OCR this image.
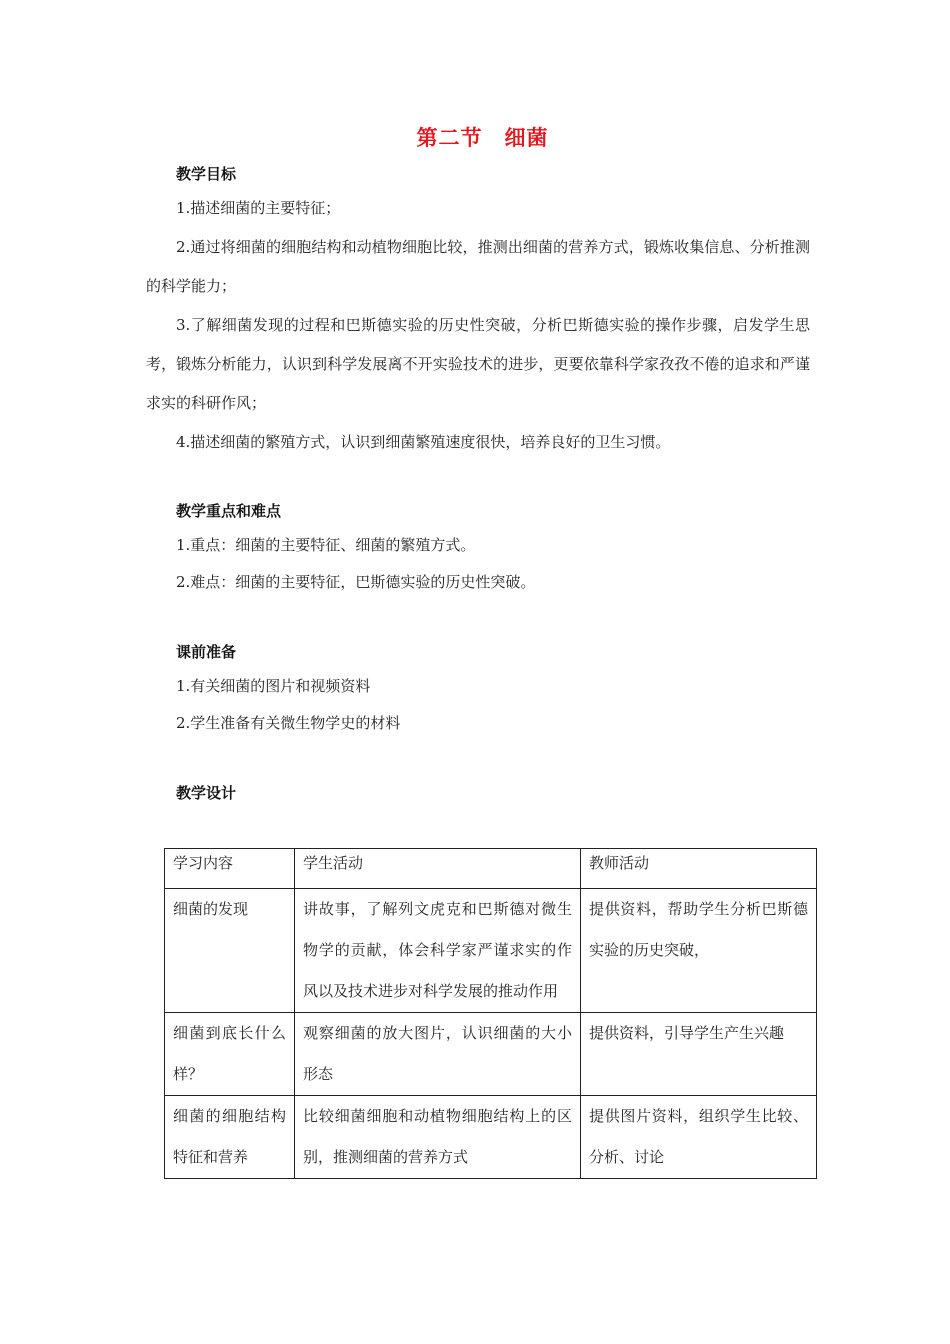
第二节　细菌
教学目标
1.描述细菌的主要特征；
2.通过将细菌的细胞结构和动植物细胞比较，推测出细菌的营养方式，锻炼收集信息、分析推测的科学能力；
3.了解细菌发现的过程和巴斯德实验的历史性突破，分析巴斯德实验的操作步骤，启发学生思考，锻炼分析能力，认识到科学发展离不开实验技术的进步，更要依靠科学家孜孜不倦的追求和严谨求实的科研作风；
4.描述细菌的繁殖方式，认识到细菌繁殖速度很快，培养良好的卫生习惯。
教学重点和难点
1.重点：细菌的主要特征、细菌的繁殖方式。
2.难点：细菌的主要特征，巴斯德实验的历史性突破。
课前准备
1.有关细菌的图片和视频资料
2.学生准备有关微生物学史的材料
教学设计
学习内容	学生活动	教师活动
细菌的发现	讲故事，了解列文虎克和巴斯德对微生物学的贡献，体会科学家严谨求实的作风以及技术进步对科学发展的推动作用	提供资料，帮助学生分析巴斯德实验的历史突破，
细菌到底长什么样？	观察细菌的放大图片，认识细菌的大小形态	提供资料，引导学生产生兴趣
细菌的细胞结构特征和营养	比较细菌细胞和动植物细胞结构上的区别，推测细菌的营养方式	提供图片资料，组织学生比较、分析、讨论
